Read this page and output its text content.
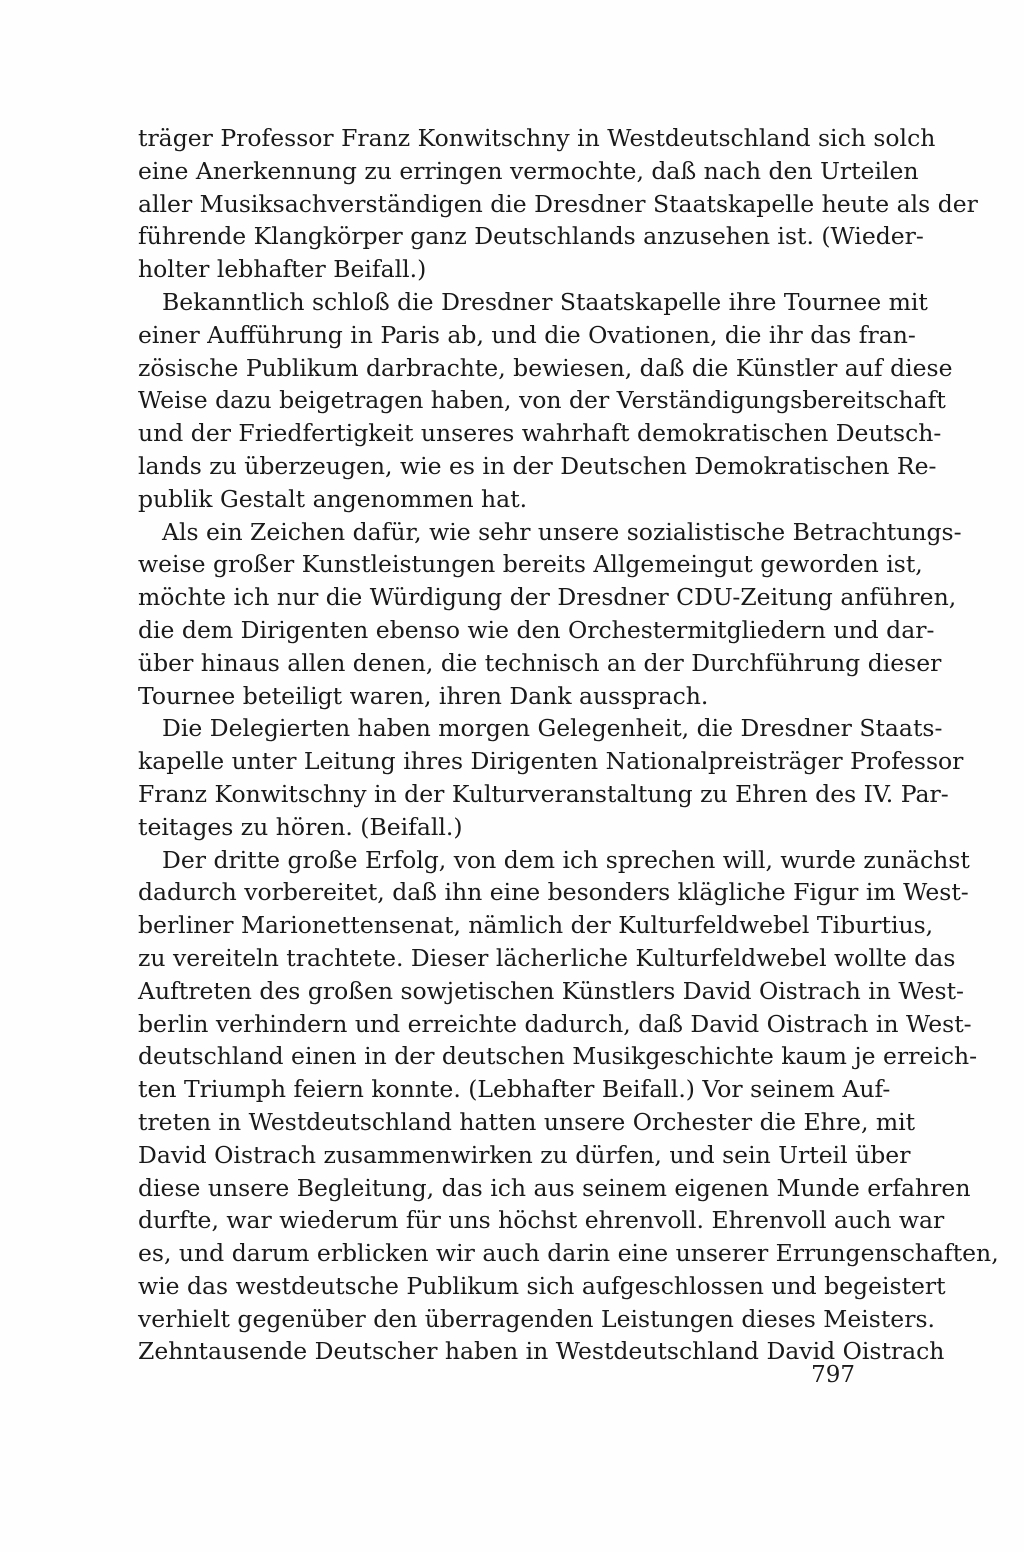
träger Professor Franz Konwitschny in Westdeutschland sich solch
eine Anerkennung zu erringen vermochte, daß nach den Urteilen
aller Musiksachverständigen die Dresdner Staatskapelle heute als der
führende Klangkörper ganz Deutschlands anzusehen ist. (Wieder-
holter lebhafter Beifall.)
Bekanntlich schloß die Dresdner Staatskapelle ihre Tournee mit
einer Aufführung in Paris ab, und die Ovationen, die ihr das fran-
zösische Publikum darbrachte, bewiesen, daß die Künstler auf diese
Weise dazu beigetragen haben, von der Verständigungsbereitschaft
und der Friedfertigkeit unseres wahrhaft demokratischen Deutsch-
lands zu überzeugen, wie es in der Deutschen Demokratischen Re-
publik Gestalt angenommen hat.
Als ein Zeichen dafür, wie sehr unsere sozialistische Betrachtungs-
weise großer Kunstleistungen bereits Allgemeingut geworden ist,
möchte ich nur die Würdigung der Dresdner CDU-Zeitung anführen,
die dem Dirigenten ebenso wie den Orchestermitgliedern und dar-
über hinaus allen denen, die technisch an der Durchführung dieser
Tournee beteiligt waren, ihren Dank aussprach.
Die Delegierten haben morgen Gelegenheit, die Dresdner Staats-
kapelle unter Leitung ihres Dirigenten Nationalpreisträger Professor
Franz Konwitschny in der Kulturveranstaltung zu Ehren des IV. Par-
teitages zu hören. (Beifall.)
Der dritte große Erfolg, von dem ich sprechen will, wurde zunächst
dadurch vorbereitet, daß ihn eine besonders klägliche Figur im West-
berliner Marionettensenat, nämlich der Kulturfeldwebel Tiburtius,
zu vereiteln trachtete. Dieser lächerliche Kulturfeldwebel wollte das
Auftreten des großen sowjetischen Künstlers David Oistrach in West-
berlin verhindern und erreichte dadurch, daß David Oistrach in West-
deutschland einen in der deutschen Musikgeschichte kaum je erreich-
ten Triumph feiern konnte. (Lebhafter Beifall.) Vor seinem Auf-
treten in Westdeutschland hatten unsere Orchester die Ehre, mit
David Oistrach zusammenwirken zu dürfen, und sein Urteil über
diese unsere Begleitung, das ich aus seinem eigenen Munde erfahren
durfte, war wiederum für uns höchst ehrenvoll. Ehrenvoll auch war
es, und darum erblicken wir auch darin eine unserer Errungenschaften,
wie das westdeutsche Publikum sich aufgeschlossen und begeistert
verhielt gegenüber den überragenden Leistungen dieses Meisters.
Zehntausende Deutscher haben in Westdeutschland David Oistrach
797
